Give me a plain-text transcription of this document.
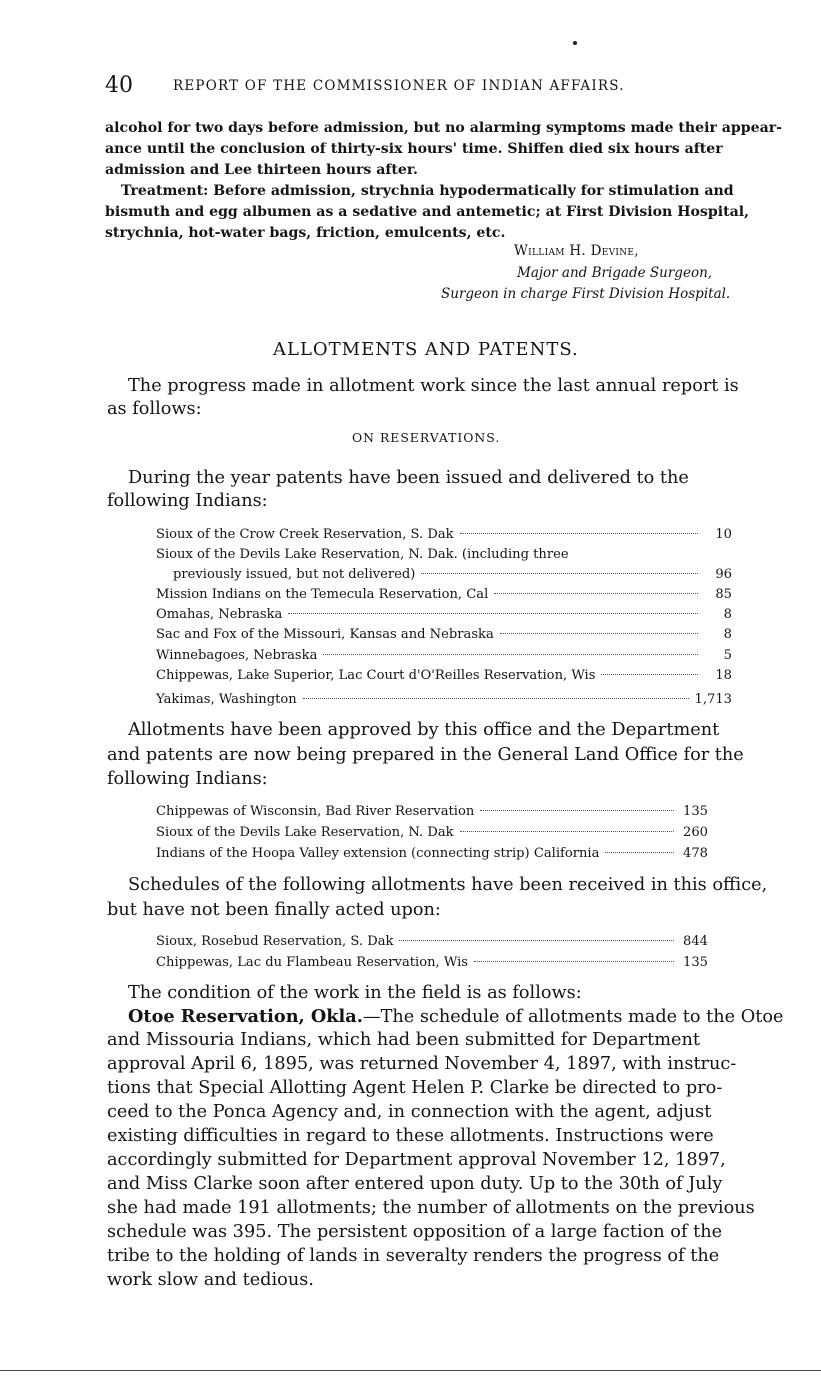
40	REPORT OF THE COMMISSIONER OF INDIAN AFFAIRS.
alcohol for two days before admission, but no alarming symptoms made their appear-
ance until the conclusion of thirty-six hours' time. Shiffen died six hours after
admission and Lee thirteen hours after.
Treatment: Before admission, strychnia hypodermatically for stimulation and
bismuth and egg albumen as a sedative and antemetic; at First Division Hospital,
strychnia, hot-water bags, friction, emulcents, etc.
William H. Devine,
Major and Brigade Surgeon,
Surgeon in charge First Division Hospital.
ALLOTMENTS AND PATENTS.
The progress made in allotment work since the last annual report is
as follows:
ON RESERVATIONS.
During the year patents have been issued and delivered to the
following Indians:
Sioux of the Crow Creek Reservation, S. Dak	10
Sioux of the Devils Lake Reservation, N. Dak. (including three
previously issued, but not delivered)	96
Mission Indians on the Temecula Reservation, Cal	85
Omahas, Nebraska	8
Sac and Fox of the Missouri, Kansas and Nebraska	8
Winnebagoes, Nebraska	5
Chippewas, Lake Superior, Lac Court d'O'Reilles Reservation, Wis	18
Yakimas, Washington	1,713
Allotments have been approved by this office and the Department
and patents are now being prepared in the General Land Office for the
following Indians:
Chippewas of Wisconsin, Bad River Reservation	135
Sioux of the Devils Lake Reservation, N. Dak	260
Indians of the Hoopa Valley extension (connecting strip) California	478
Schedules of the following allotments have been received in this office,
but have not been finally acted upon:
Sioux, Rosebud Reservation, S. Dak	844
Chippewas, Lac du Flambeau Reservation, Wis	135
The condition of the work in the field is as follows:
Otoe Reservation, Okla.—The schedule of allotments made to the Otoe
and Missouria Indians, which had been submitted for Department
approval April 6, 1895, was returned November 4, 1897, with instruc-
tions that Special Allotting Agent Helen P. Clarke be directed to pro-
ceed to the Ponca Agency and, in connection with the agent, adjust
existing difficulties in regard to these allotments. Instructions were
accordingly submitted for Department approval November 12, 1897,
and Miss Clarke soon after entered upon duty. Up to the 30th of July
she had made 191 allotments; the number of allotments on the previous
schedule was 395. The persistent opposition of a large faction of the
tribe to the holding of lands in severalty renders the progress of the
work slow and tedious.
